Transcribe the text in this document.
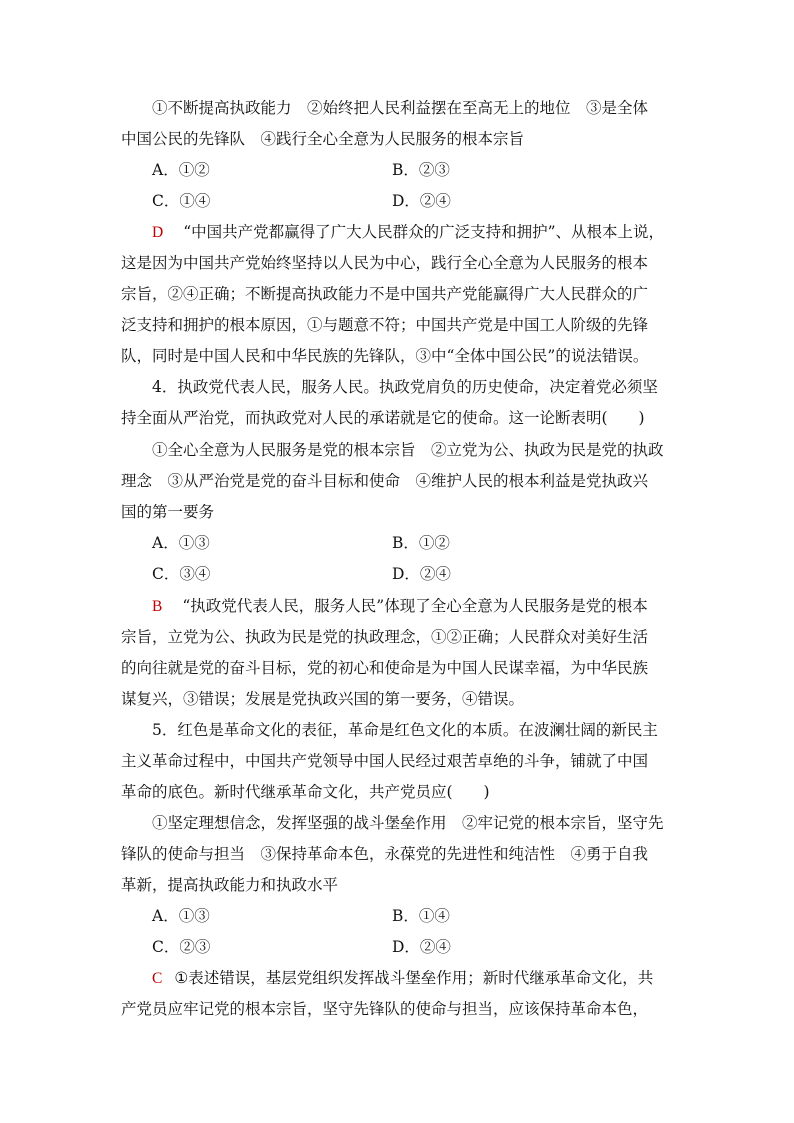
①不断提高执政能力　②始终把人民利益摆在至高无上的地位　③是全体
中国公民的先锋队　④践行全心全意为人民服务的根本宗旨
A．①②	B．②③
C．①④	D．②④
D “中国共产党都赢得了广大人民群众的广泛支持和拥护”、从根本上说，
这是因为中国共产党始终坚持以人民为中心，践行全心全意为人民服务的根本
宗旨，②④正确；不断提高执政能力不是中国共产党能赢得广大人民群众的广
泛支持和拥护的根本原因，①与题意不符；中国共产党是中国工人阶级的先锋
队，同时是中国人民和中华民族的先锋队，③中“全体中国公民”的说法错误。
4．执政党代表人民，服务人民。执政党肩负的历史使命，决定着党必须坚
持全面从严治党，而执政党对人民的承诺就是它的使命。这一论断表明(　　)
①全心全意为人民服务是党的根本宗旨　②立党为公、执政为民是党的执政
理念　③从严治党是党的奋斗目标和使命　④维护人民的根本利益是党执政兴
国的第一要务
A．①③	B．①②
C．③④	D．②④
B “执政党代表人民，服务人民”体现了全心全意为人民服务是党的根本
宗旨，立党为公、执政为民是党的执政理念，①②正确；人民群众对美好生活
的向往就是党的奋斗目标，党的初心和使命是为中国人民谋幸福，为中华民族
谋复兴，③错误；发展是党执政兴国的第一要务，④错误。
5．红色是革命文化的表征，革命是红色文化的本质。在波澜壮阔的新民主
主义革命过程中，中国共产党领导中国人民经过艰苦卓绝的斗争，铺就了中国
革命的底色。新时代继承革命文化，共产党员应(　　)
①坚定理想信念，发挥坚强的战斗堡垒作用　②牢记党的根本宗旨，坚守先
锋队的使命与担当　③保持革命本色，永葆党的先进性和纯洁性　④勇于自我
革新，提高执政能力和执政水平
A．①③	B．①④
C．②③	D．②④
C ①表述错误，基层党组织发挥战斗堡垒作用；新时代继承革命文化，共
产党员应牢记党的根本宗旨，坚守先锋队的使命与担当，应该保持革命本色，
